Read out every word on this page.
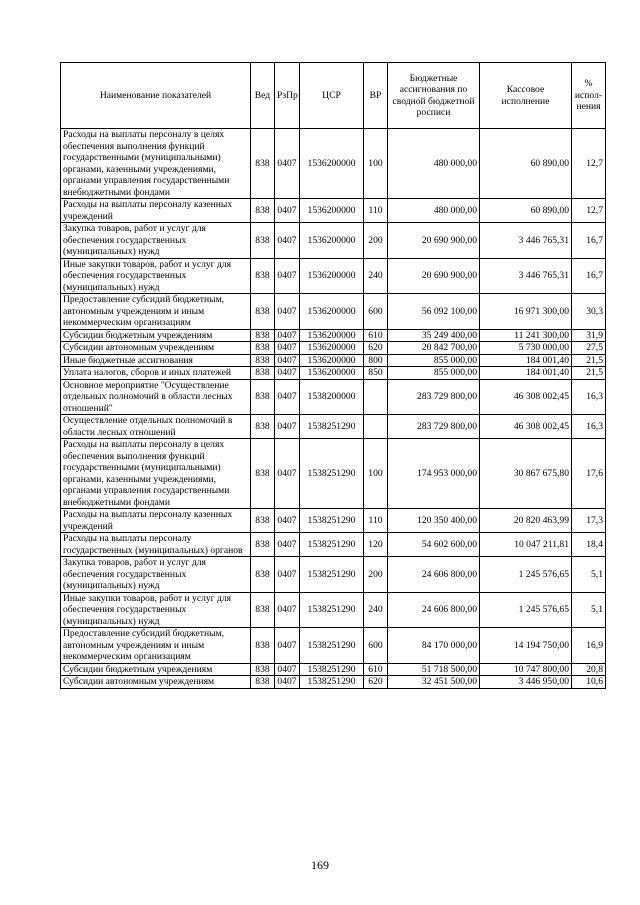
Наименование показателей	Вед	РзПр	ЦСР	ВР	Бюджетные ассигнования по сводной бюджетной росписи	Кассовое исполнение	% испол- нения
Расходы на выплаты персоналу в целях обеспечения выполнения функций государственными (муниципальными) органами, казенными учреждениями, органами управления государственными внебюджетными фондами	838	0407	1536200000	100	480 000,00	60 890,00	12,7
Расходы на выплаты персоналу казенных учреждений	838	0407	1536200000	110	480 000,00	60 890,00	12,7
Закупка товаров, работ и услуг для обеспечения государственных (муниципальных) нужд	838	0407	1536200000	200	20 690 900,00	3 446 765,31	16,7
Иные закупки товаров, работ и услуг для обеспечения государственных (муниципальных) нужд	838	0407	1536200000	240	20 690 900,00	3 446 765,31	16,7
Предоставление субсидий бюджетным, автономным учреждениям и иным некоммерческим организациям	838	0407	1536200000	600	56 092 100,00	16 971 300,00	30,3
Субсидии бюджетным учреждениям	838	0407	1536200000	610	35 249 400,00	11 241 300,00	31,9
Субсидии автономным учреждениям	838	0407	1536200000	620	20 842 700,00	5 730 000,00	27,5
Иные бюджетные ассигнования	838	0407	1536200000	800	855 000,00	184 001,40	21,5
Уплата налогов, сборов и иных платежей	838	0407	1536200000	850	855 000,00	184 001,40	21,5
Основное мероприятие "Осуществление отдельных полномочий в области лесных отношений"	838	0407	1538200000		283 729 800,00	46 308 002,45	16,3
Осуществление отдельных полномочий в области лесных отношений	838	0407	1538251290		283 729 800,00	46 308 002,45	16,3
Расходы на выплаты персоналу в целях обеспечения выполнения функций государственными (муниципальными) органами, казенными учреждениями, органами управления государственными внебюджетными фондами	838	0407	1538251290	100	174 953 000,00	30 867 675,80	17,6
Расходы на выплаты персоналу казенных учреждений	838	0407	1538251290	110	120 350 400,00	20 820 463,99	17,3
Расходы на выплаты персоналу государственных (муниципальных) органов	838	0407	1538251290	120	54 602 600,00	10 047 211,81	18,4
Закупка товаров, работ и услуг для обеспечения государственных (муниципальных) нужд	838	0407	1538251290	200	24 606 800,00	1 245 576,65	5,1
Иные закупки товаров, работ и услуг для обеспечения государственных (муниципальных) нужд	838	0407	1538251290	240	24 606 800,00	1 245 576,65	5,1
Предоставление субсидий бюджетным, автономным учреждениям и иным некоммерческим организациям	838	0407	1538251290	600	84 170 000,00	14 194 750,00	16,9
Субсидии бюджетным учреждениям	838	0407	1538251290	610	51 718 500,00	10 747 800,00	20,8
Субсидии автономным учреждениям	838	0407	1538251290	620	32 451 500,00	3 446 950,00	10,6
169
